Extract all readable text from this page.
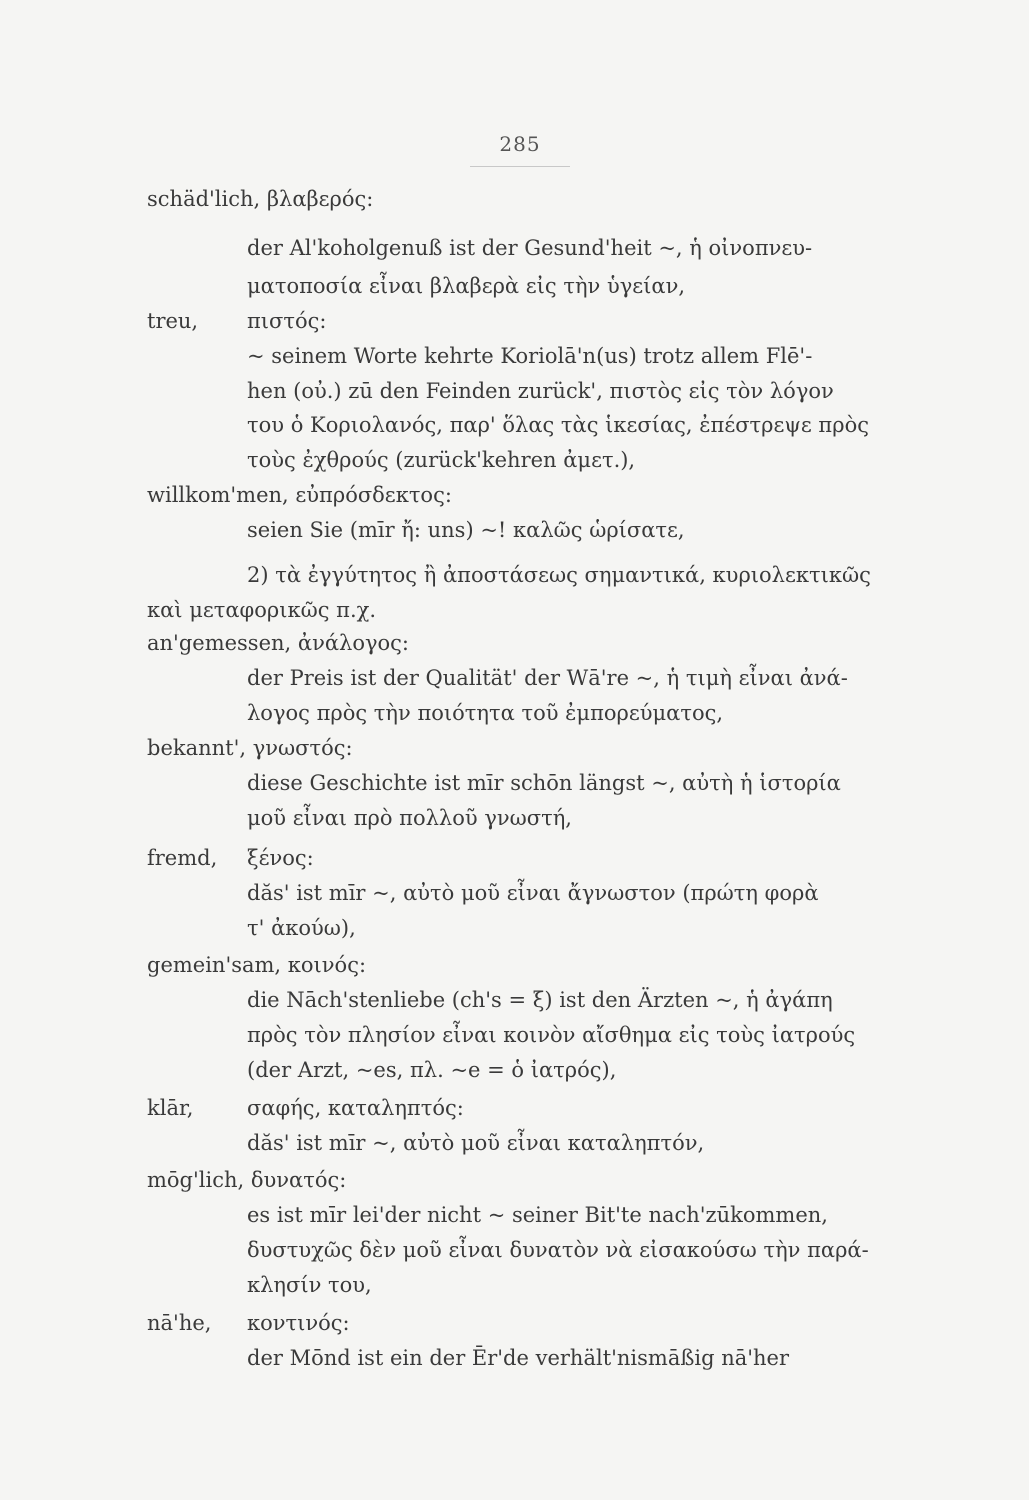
285
schäd'lich, βλαβερός:
der Al'koholgenuß ist der Gesund'heit ~, ἡ οἰνοπνευ-
ματοποσία εἶναι βλαβερὰ εἰς τὴν ὑγείαν,
treu, πιστός:
~ seinem Worte kehrte Koriolā'n(us) trotz allem Flē'-
hen (οὐ.) zū den Feinden zurück', πιστὸς εἰς τὸν λόγον
του ὁ Κοριολανός, παρ' ὅλας τὰς ἱκεσίας, ἐπέστρεψε πρὸς
τοὺς ἐχθρούς (zurück'kehren ἀμετ.),
willkom'men, εὐπρόσδεκτος:
seien Sie (mīr ἤ: uns) ~! καλῶς ὡρίσατε,
2) τὰ ἐγγύτητος ἢ ἀποστάσεως σημαντικά, κυριολεκτικῶς
καὶ μεταφορικῶς π.χ.
an'gemessen, ἀνάλογος:
der Preis ist der Qualität' der Wā're ~, ἡ τιμὴ εἶναι ἀνά-
λογος πρὸς τὴν ποιότητα τοῦ ἐμπορεύματος,
bekannt', γνωστός:
diese Geschichte ist mīr schōn längst ~, αὐτὴ ἡ ἱστορία
μοῦ εἶναι πρὸ πολλοῦ γνωστή,
fremd, ξένος:
dăs' ist mīr ~, αὐτὸ μοῦ εἶναι ἄγνωστον (πρώτη φορὰ
τ' ἀκούω),
gemein'sam, κοινός:
die Nāch'stenliebe (ch's = ξ) ist den Ärzten ~, ἡ ἀγάπη
πρὸς τὸν πλησίον εἶναι κοινὸν αἴσθημα εἰς τοὺς ἰατρούς
(der Arzt, ~es, πλ. ~e = ὁ ἰατρός),
klār,	σαφής, καταληπτός:
dăs' ist mīr ~, αὐτὸ μοῦ εἶναι καταληπτόν,
mōg'lich, δυνατός:
es ist mīr lei'der nicht ~ seiner Bit'te nach'zūkommen,
δυστυχῶς δὲν μοῦ εἶναι δυνατὸν νὰ εἰσακούσω τὴν παρά-
κλησίν του,
nā'he, κοντινός:
der Mōnd ist ein der Ēr'de verhält'nismāßig nā'her
